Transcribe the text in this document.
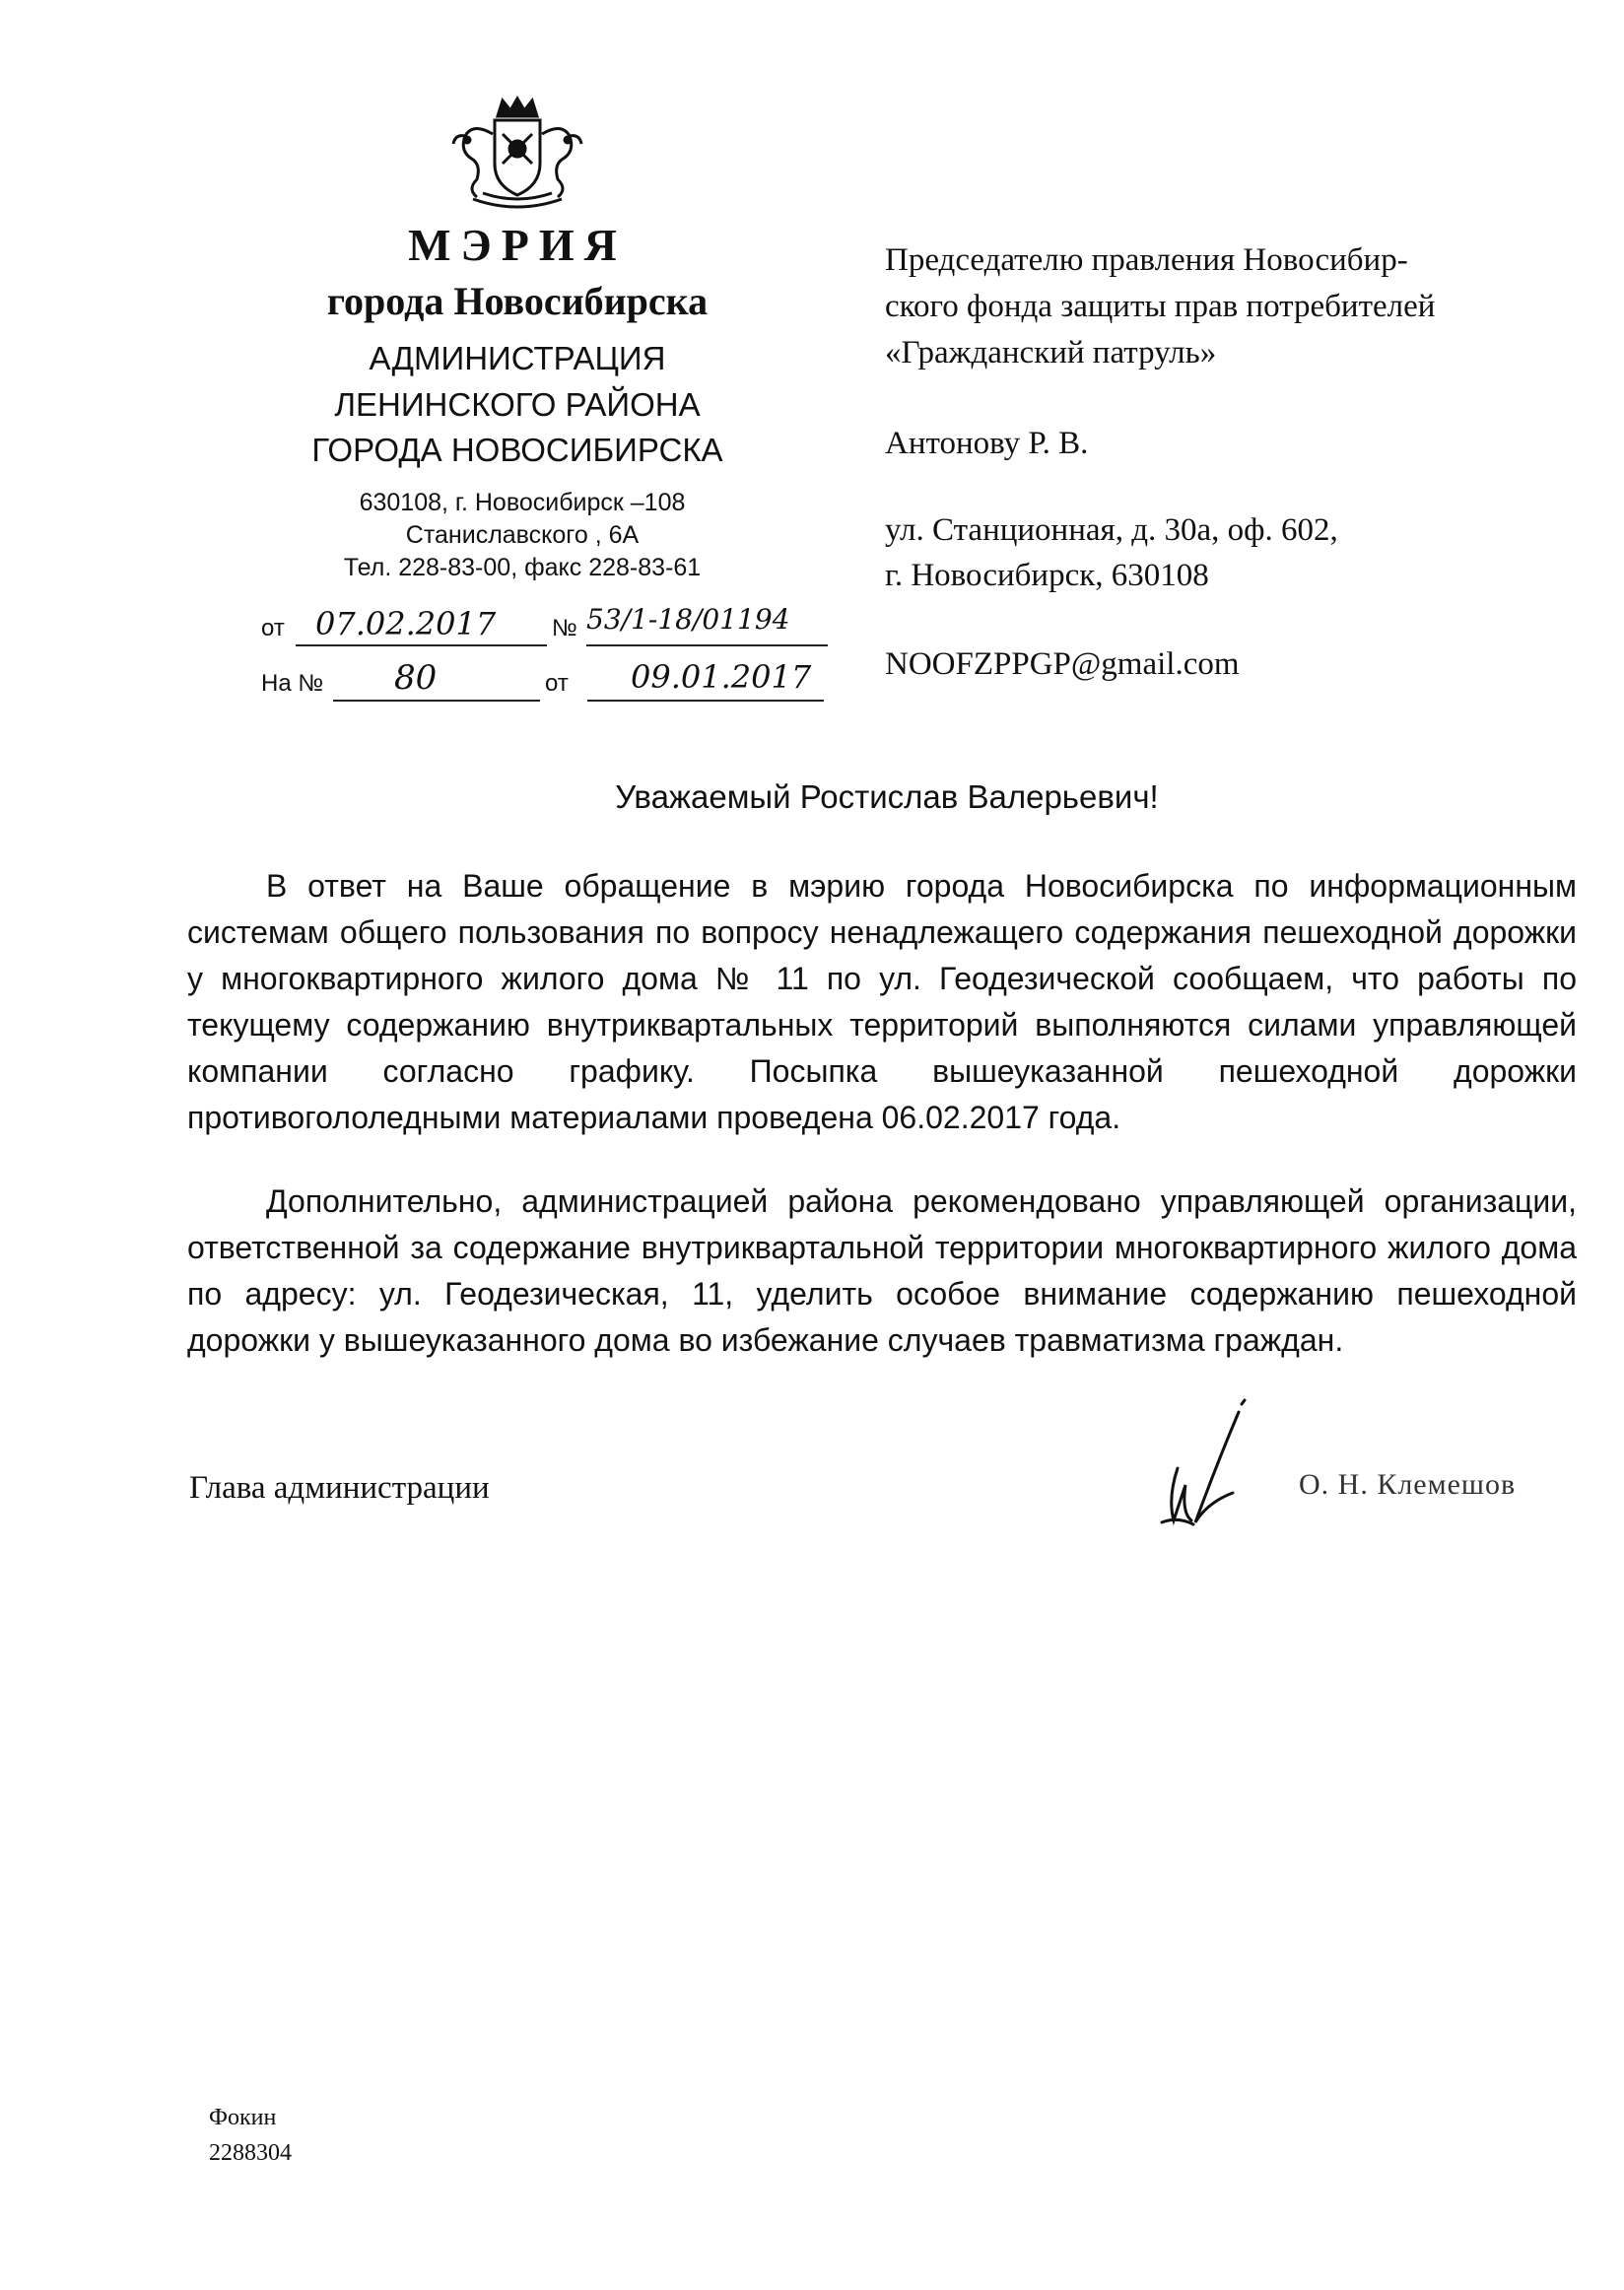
МЭРИЯ
города Новосибирска
АДМИНИСТРАЦИЯ
ЛЕНИНСКОГО РАЙОНА
ГОРОДА НОВОСИБИРСКА
630108, г. Новосибирск –108
Станиславского , 6А
Тел. 228-83-00, факс 228-83-61
от 07.02.2017 № 53/1-18/01194
На № 80	от 09.01.2017
Председателю правления Новосибир-
ского фонда защиты прав потребителей
«Гражданский патруль»
Антонову Р. В.
ул. Станционная, д. 30а, оф. 602,
г. Новосибирск, 630108
NOOFZPPGP@gmail.com
Уважаемый Ростислав Валерьевич!
В ответ на Ваше обращение в мэрию города Новосибирска по информационным системам общего пользования по вопросу ненадлежащего содержания пешеходной дорожки у многоквартирного жилого дома № 11 по ул. Геодезической сообщаем, что работы по текущему содержанию внутриквартальных территорий выполняются силами управляющей компании согласно графику. Посыпка вышеуказанной пешеходной дорожки противогололедными материалами проведена 06.02.2017 года.
Дополнительно, администрацией района рекомендовано управляющей организации, ответственной за содержание внутриквартальной территории многоквартирного жилого дома по адресу: ул. Геодезическая, 11, уделить особое внимание содержанию пешеходной дорожки у вышеуказанного дома во избежание случаев травматизма граждан.
Глава администрации	О. Н. Клемешов
Фокин
2288304
